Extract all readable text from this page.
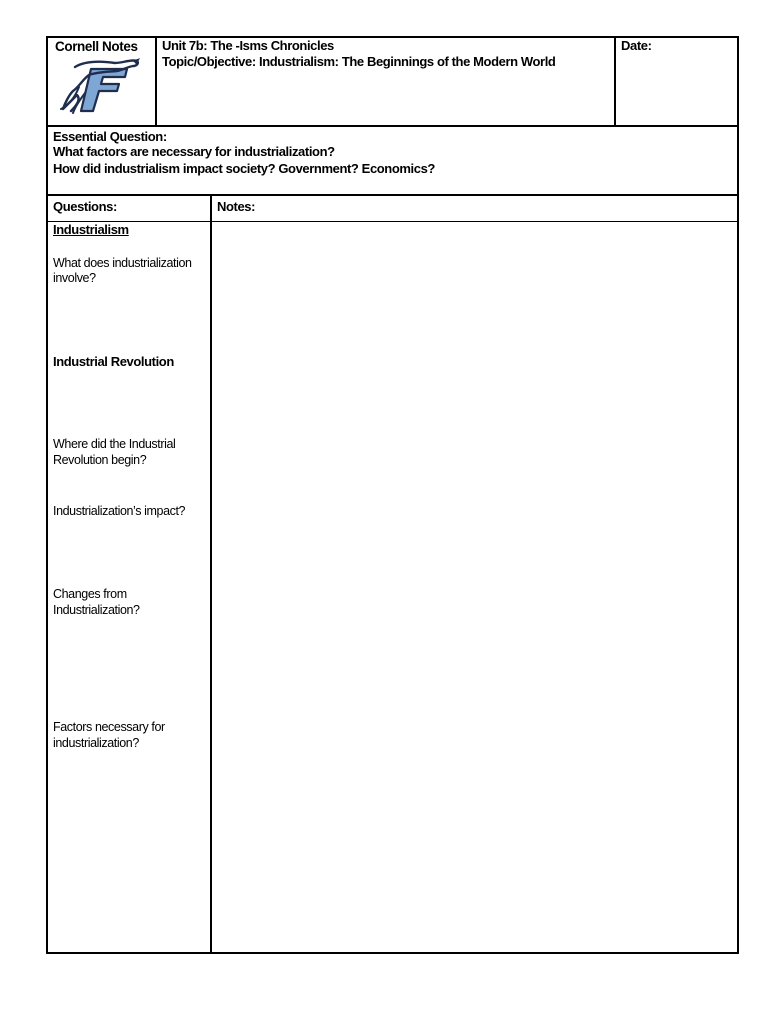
Cornell Notes Unit 7b: The -Isms Chronicles
Topic/Objective: Industrialism: The Beginnings of the Modern World
Date:
Essential Question:
What factors are necessary for industrialization?
How did industrialism impact society? Government? Economics?
Questions:	Notes:
Industrialism
What does industrialization
involve?
Industrial Revolution
Where did the Industrial
Revolution begin?
Industrialization’s impact?
Changes from
Industrialization?
Factors necessary for
industrialization?
